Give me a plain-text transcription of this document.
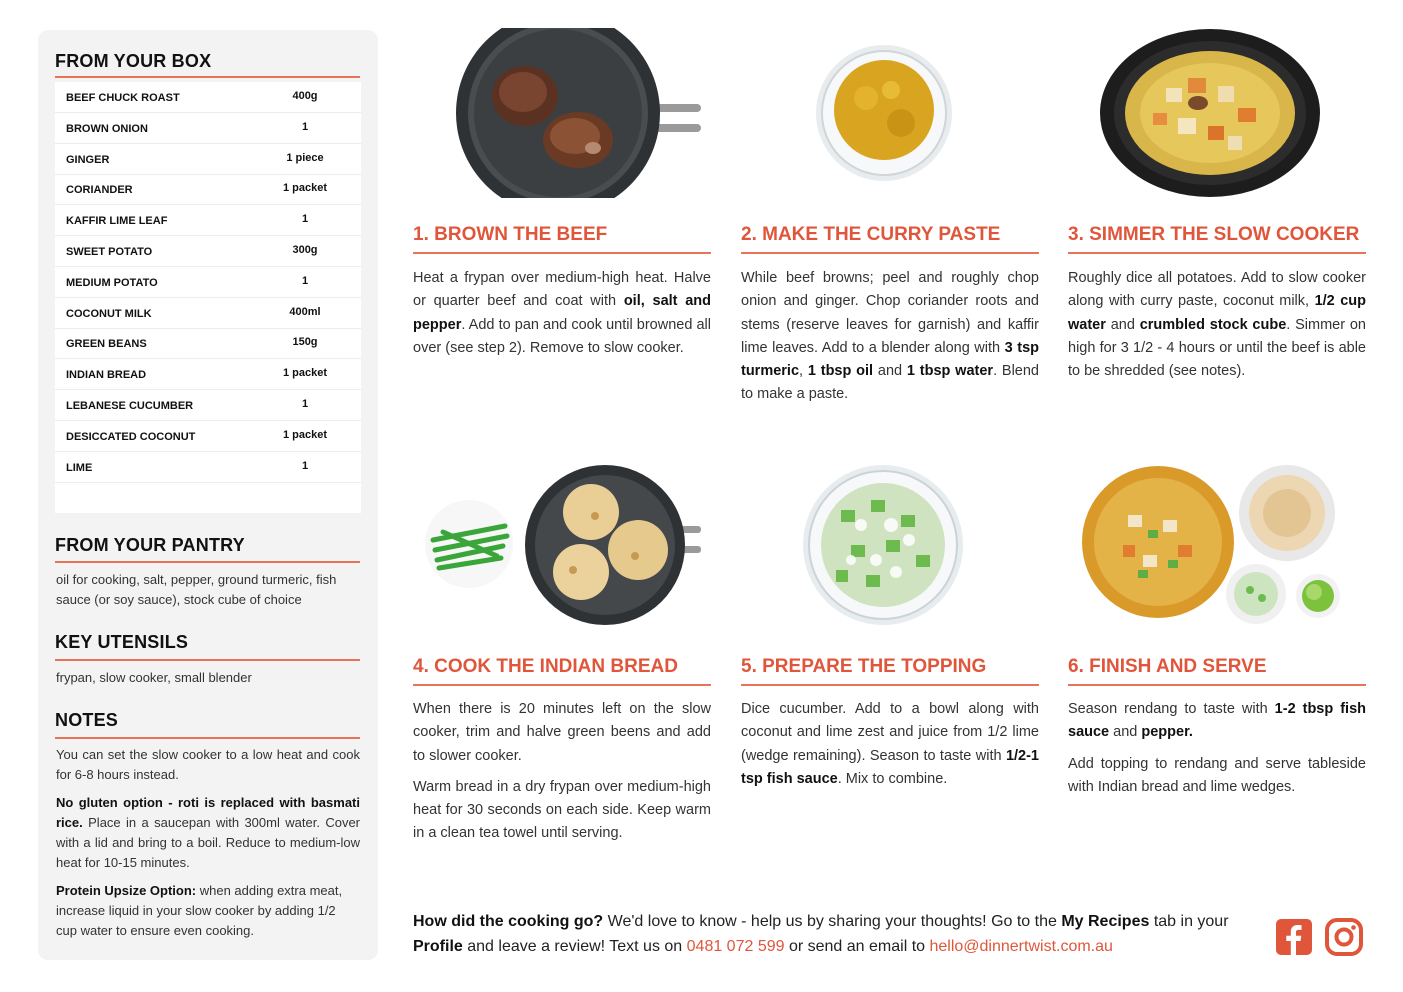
FROM YOUR BOX
BEEF CHUCK ROAST	400g
BROWN ONION	1
GINGER	1 piece
CORIANDER	1 packet
KAFFIR LIME LEAF	1
SWEET POTATO	300g
MEDIUM POTATO	1
COCONUT MILK	400ml
GREEN BEANS	150g
INDIAN BREAD	1 packet
LEBANESE CUCUMBER	1
DESICCATED COCONUT	1 packet
LIME	1
FROM YOUR PANTRY
oil for cooking, salt, pepper, ground turmeric, fish sauce (or soy sauce), stock cube of choice
KEY UTENSILS
frypan, slow cooker, small blender
NOTES

You can set the slow cooker to a low heat and cook for 6-8 hours instead.

No gluten option - roti is replaced with basmati rice. Place in a saucepan with 300ml water. Cover with a lid and bring to a boil. Reduce to medium-low heat for 10-15 minutes.

Protein Upsize Option: when adding extra meat, increase liquid in your slow cooker by adding 1/2 cup water to ensure even cooking.

1. BROWN THE BEEF

Heat a frypan over medium-high heat. Halve or quarter beef and coat with oil, salt and pepper. Add to pan and cook until browned all over (see step 2). Remove to slow cooker.

2. MAKE THE CURRY PASTE

While beef browns; peel and roughly chop onion and ginger. Chop coriander roots and stems (reserve leaves for garnish) and kaffir lime leaves. Add to a blender along with 3 tsp turmeric, 1 tbsp oil and 1 tbsp water. Blend to make a paste.

3. SIMMER THE SLOW COOKER

Roughly dice all potatoes. Add to slow cooker along with curry paste, coconut milk, 1/2 cup water and crumbled stock cube. Simmer on high for 3 1/2 - 4 hours or until the beef is able to be shredded (see notes).

4. COOK THE INDIAN BREAD

When there is 20 minutes left on the slow cooker, trim and halve green beens and add to slower cooker.

Warm bread in a dry frypan over medium-high heat for 30 seconds on each side. Keep warm in a clean tea towel until serving.

5. PREPARE THE TOPPING

Dice cucumber. Add to a bowl along with coconut and lime zest and juice from 1/2 lime (wedge remaining). Season to taste with 1/2-1 tsp fish sauce. Mix to combine.

6. FINISH AND SERVE

Season rendang to taste with 1-2 tbsp fish sauce and pepper.

Add topping to rendang and serve tableside with Indian bread and lime wedges.

How did the cooking go? We'd love to know - help us by sharing your thoughts! Go to the My Recipes tab in your Profile and leave a review! Text us on 0481 072 599 or send an email to hello@dinnertwist.com.au
